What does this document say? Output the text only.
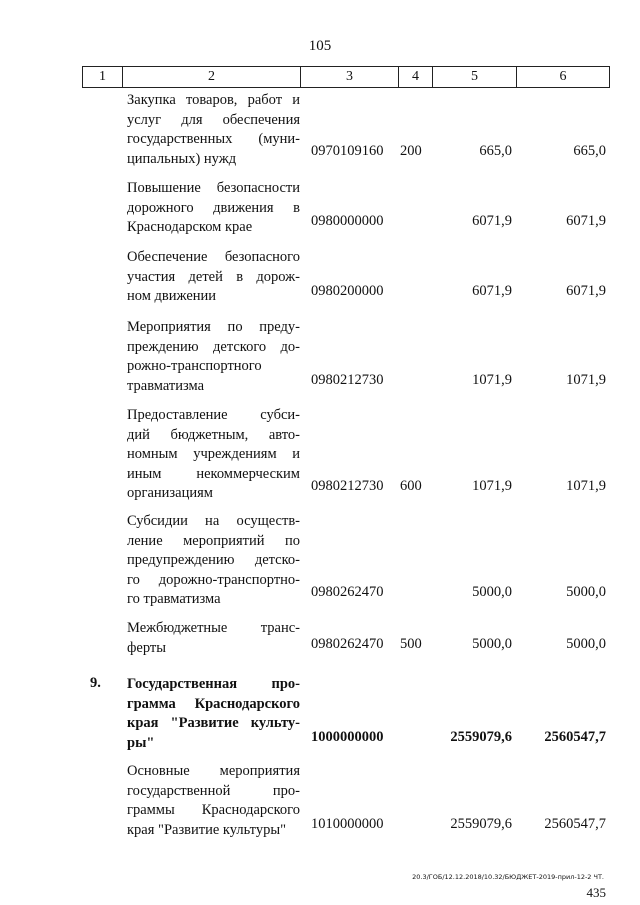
105
1	2	3	4	5	6
Закупка товаров, работ и
услуг для обеспечения
государственных (муни-
ципальных) нужд	0970109160 200	665,0	665,0
Повышение безопасности
дорожного движения в
Краснодарском крае	0980000000	6071,9	6071,9
Обеспечение безопасного
участия детей в дорож-
ном движении	0980200000	6071,9	6071,9
Мероприятия по преду-
преждению детского до-
рожно-транспортного
травматизма	0980212730	1071,9	1071,9
Предоставление субси-
дий бюджетным, авто-
номным учреждениям и
иным некоммерческим
организациям	0980212730 600	1071,9	1071,9
Субсидии на осуществ-
ление мероприятий по
предупреждению детско-
го дорожно-транспортно-
го травматизма	0980262470	5000,0	5000,0
Межбюджетные транс-
ферты	0980262470 500	5000,0	5000,0
9. Государственная про-
грамма Краснодарского
края "Развитие культу-
ры"	1000000000	2559079,6 2560547,7
Основные мероприятия
государственной про-
граммы Краснодарского
края "Развитие культуры"	1010000000	2559079,6 2560547,7
20.3/ГОБ/12.12.2018/10.32/БЮДЖЕТ-2019-прил-12-2 ЧТ.
435
